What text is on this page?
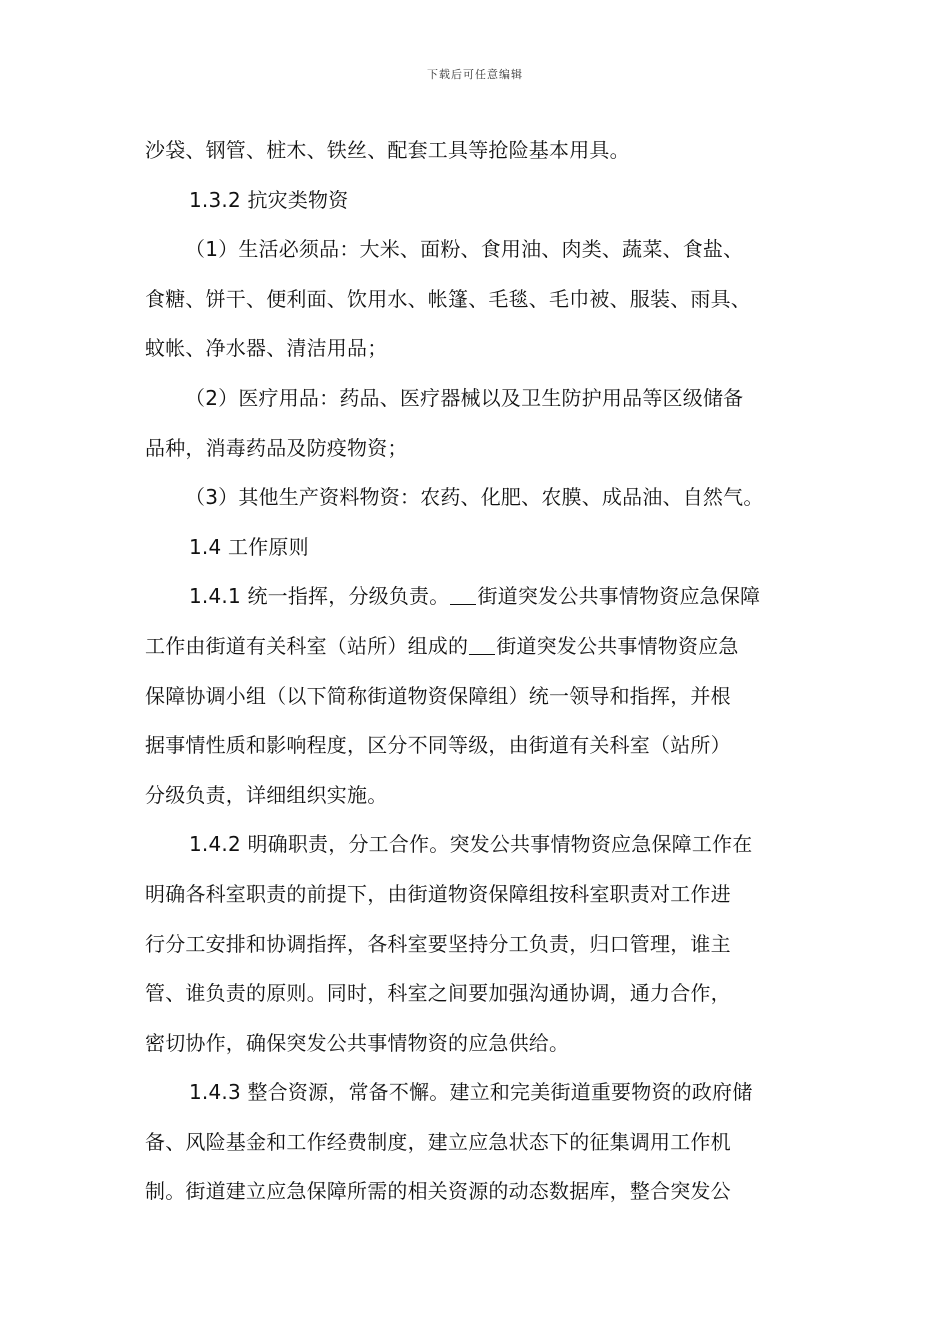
下载后可任意编辑
沙袋、钢管、桩木、铁丝、配套工具等抢险基本用具。
1.3.2 抗灾类物资
（1）生活必须品：大米、面粉、食用油、肉类、蔬菜、食盐、
食糖、饼干、便利面、饮用水、帐篷、毛毯、毛巾被、服装、雨具、
蚊帐、净水器、清洁用品；
（2）医疗用品：药品、医疗器械以及卫生防护用品等区级储备
品种，消毒药品及防疫物资；
（3）其他生产资料物资：农药、化肥、农膜、成品油、自然气。
1.4 工作原则
1.4.1 统一指挥，分级负责。 街道突发公共事情物资应急保障
工作由街道有关科室（站所）组成的 街道突发公共事情物资应急
保障协调小组（以下简称街道物资保障组）统一领导和指挥，并根
据事情性质和影响程度，区分不同等级，由街道有关科室（站所）
分级负责，详细组织实施。
1.4.2 明确职责，分工合作。突发公共事情物资应急保障工作在
明确各科室职责的前提下，由街道物资保障组按科室职责对工作进
行分工安排和协调指挥，各科室要坚持分工负责，归口管理，谁主
管、谁负责的原则。同时，科室之间要加强沟通协调，通力合作，
密切协作，确保突发公共事情物资的应急供给。
1.4.3 整合资源，常备不懈。建立和完美街道重要物资的政府储
备、风险基金和工作经费制度，建立应急状态下的征集调用工作机
制。街道建立应急保障所需的相关资源的动态数据库，整合突发公
